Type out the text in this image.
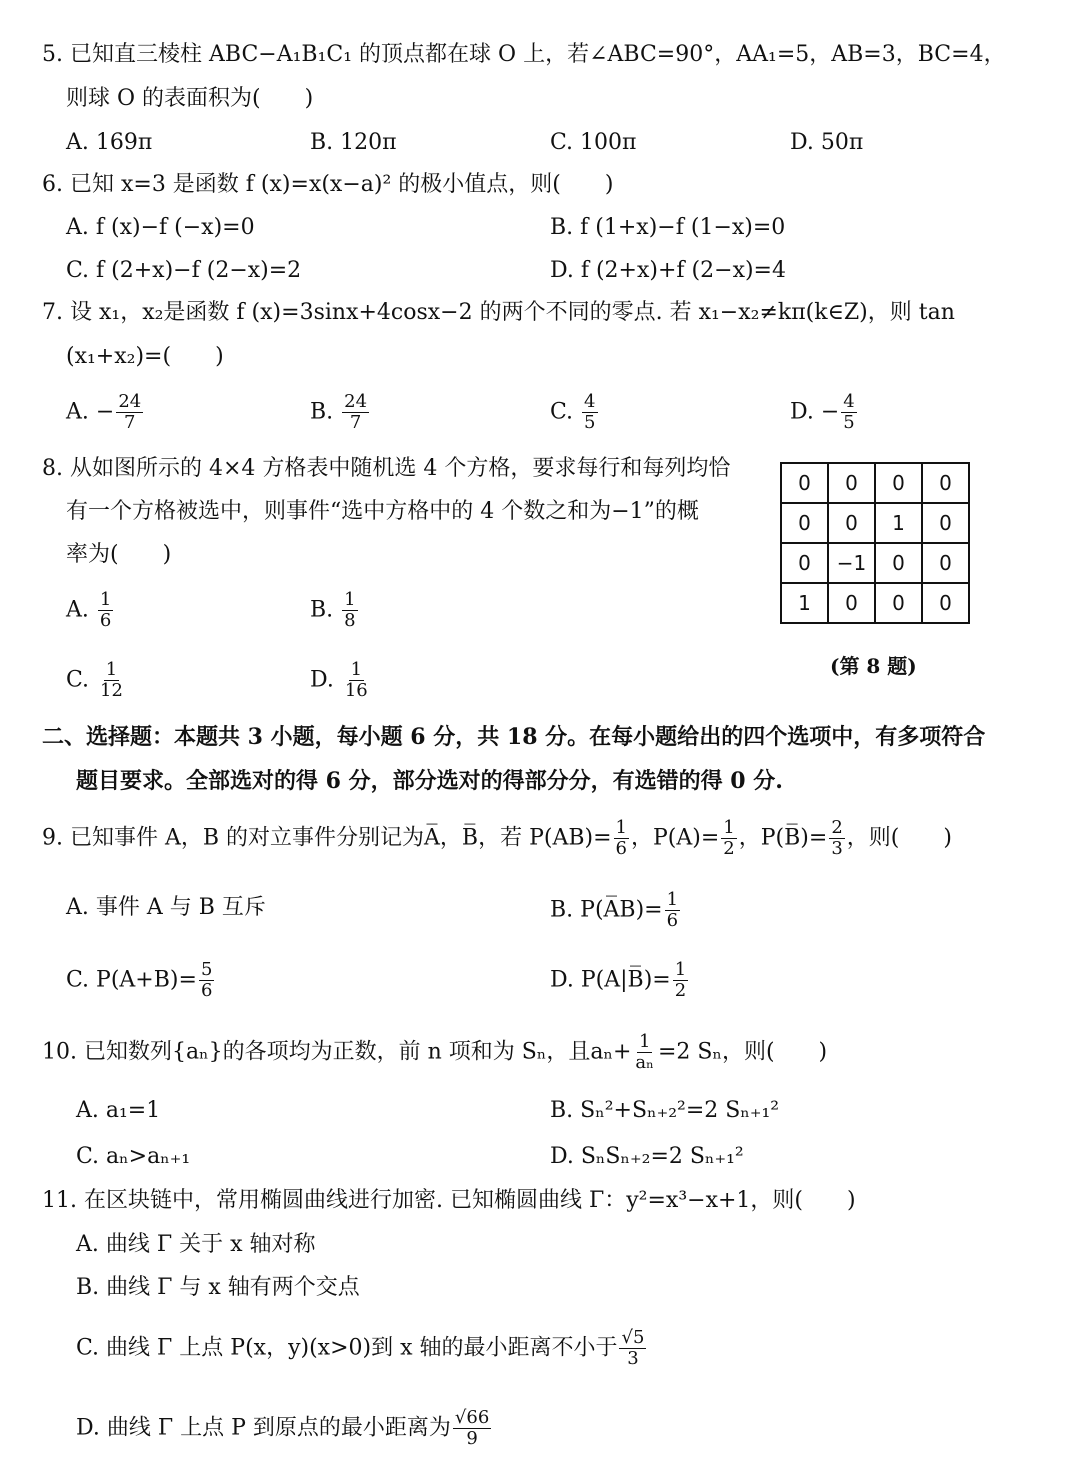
5. 已知直三棱柱 ABC−A₁B₁C₁ 的顶点都在球 O 上，若∠ABC=90°，AA₁=5，AB=3，BC=4，
则球 O 的表面积为(　　)
A. 169π	B. 120π	C. 100π	D. 50π
6. 已知 x=3 是函数 f (x)=x(x−a)² 的极小值点，则(　　)
A. f (x)−f (−x)=0	B. f (1+x)−f (1−x)=0
C. f (2+x)−f (2−x)=2	D. f (2+x)+f (2−x)=4
7. 设 x₁，x₂是函数 f (x)=3sinx+4cosx−2 的两个不同的零点. 若 x₁−x₂≠kπ(k∈Z)，则 tan
(x₁+x₂)=(　　)
A. − $\frac{24}{7}$	B. $\frac{24}{7}$	C. $\frac{4}{5}$	D. − $\frac{4}{5}$
8. 从如图所示的 4×4 方格表中随机选 4 个方格，要求每行和每列均恰
有一个方格被选中，则事件“选中方格中的 4 个数之和为−1”的概
率为(　　)
A. $\frac{1}{6}$	B. $\frac{1}{8}$
C. $\frac{1}{12}$	D. $\frac{1}{16}$
0	0	0	0
0	0	1	0
0	−1	0	0
1	0	0	0
(第 8 题)
二、选择题：本题共 3 小题，每小题 6 分，共 18 分。在每小题给出的四个选项中，有多项符合
题目要求。全部选对的得 6 分，部分选对的得部分分，有选错的得 0 分.
9. 已知事件 A，B 的对立事件分别记为A̅，B̅，若 $P(AB)= \frac{1}{6}$ ，$P(A)= \frac{1}{2}$ ，P(B̅)= $\frac{2}{3}$ ，则(　　)
A. 事件 A 与 B 互斥	B. P(A̅B)= $\frac{1}{6}$
C. $P(A+B)= \frac{5}{6}$	D. P(A|B̅)= $\frac{1}{2}$
10. 已知数列{aₙ}的各项均为正数，前 n 项和为 Sₙ，且$a_n+ \frac{1}{\text{aₙ}} =2$ Sₙ，则(　　)
A. a₁=1	B. Sₙ²+Sₙ₊₂²=2 Sₙ₊₁²
C. aₙ>aₙ₊₁	D. SₙSₙ₊₂=2 Sₙ₊₁²
11. 在区块链中，常用椭圆曲线进行加密. 已知椭圆曲线 Γ：y²=x³−x+1，则(　　)
A. 曲线 Γ 关于 x 轴对称
B. 曲线 Γ 与 x 轴有两个交点
C. 曲线 Γ 上点 P(x，y)(x>0)到 x 轴的最小距离不小于 $\frac{√5}{3}$
D. 曲线 Γ 上点 P 到原点的最小距离为 $\frac{√66}{9}$
